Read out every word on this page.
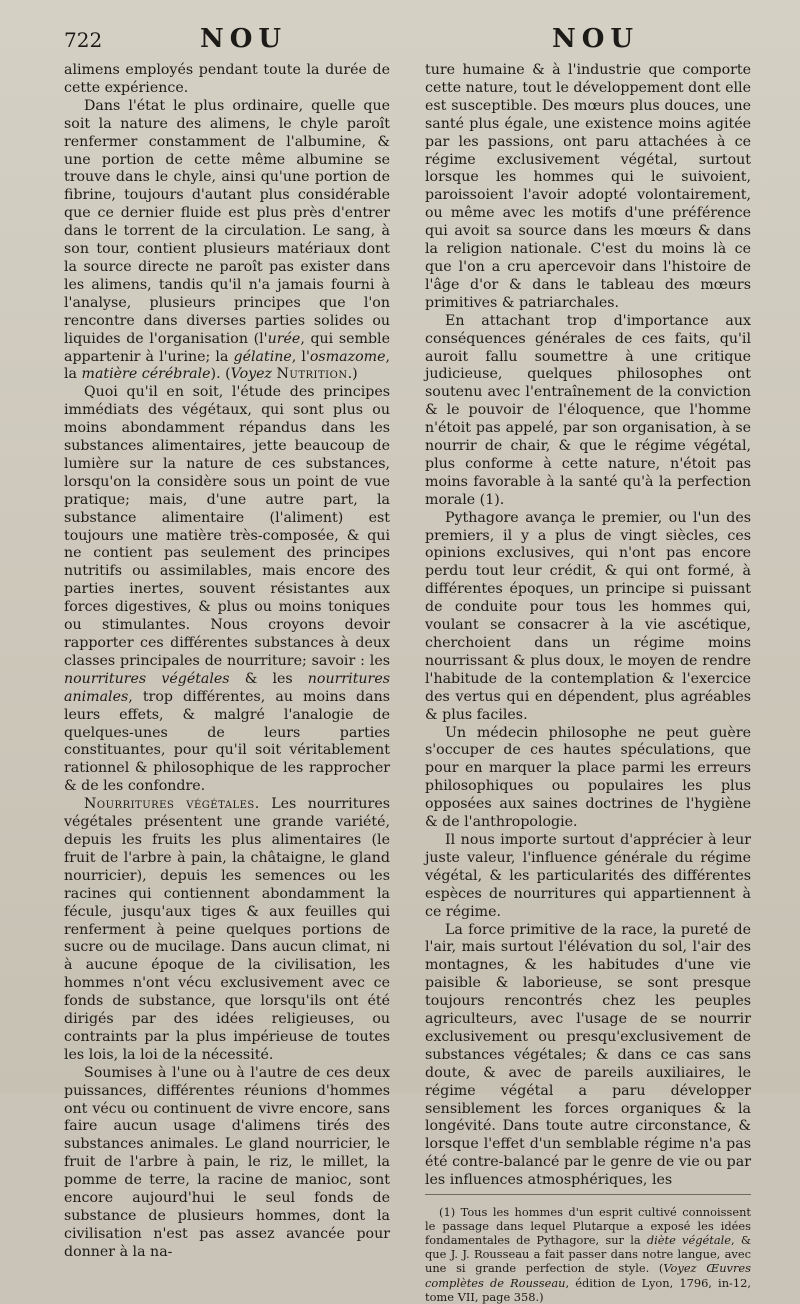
722	NOU	NOU

alimens employés pendant toute la durée de cette expérience.

Dans l'état le plus ordinaire, quelle que soit la nature des alimens, le chyle paroît renfermer constamment de l'albumine, & une portion de cette même albumine se trouve dans le chyle, ainsi qu'une portion de fibrine, toujours d'autant plus considérable que ce dernier fluide est plus près d'entrer dans le torrent de la circulation. Le sang, à son tour, contient plusieurs matériaux dont la source directe ne paroît pas exister dans les alimens, tandis qu'il n'a jamais fourni à l'analyse, plusieurs principes que l'on rencontre dans diverses parties solides ou liquides de l'organisation (l'urée, qui semble appartenir à l'urine; la gélatine, l'osmazome, la matière cérébrale). (Voyez Nutrition.)

Quoi qu'il en soit, l'étude des principes immédiats des végétaux, qui sont plus ou moins abondamment répandus dans les substances alimentaires, jette beaucoup de lumière sur la nature de ces substances, lorsqu'on la considère sous un point de vue pratique; mais, d'une autre part, la substance alimentaire (l'aliment) est toujours une matière très-composée, & qui ne contient pas seulement des principes nutritifs ou assimilables, mais encore des parties inertes, souvent résistantes aux forces digestives, & plus ou moins toniques ou stimulantes. Nous croyons devoir rapporter ces différentes substances à deux classes principales de nourriture; savoir : les nourritures végétales & les nourritures animales, trop différentes, au moins dans leurs effets, & malgré l'analogie de quelques-unes de leurs parties constituantes, pour qu'il soit véritablement rationnel & philosophique de les rapprocher & de les confondre.

Nourritures végétales. Les nourritures végétales présentent une grande variété, depuis les fruits les plus alimentaires (le fruit de l'arbre à pain, la châtaigne, le gland nourricier), depuis les semences ou les racines qui contiennent abondamment la fécule, jusqu'aux tiges & aux feuilles qui renferment à peine quelques portions de sucre ou de mucilage. Dans aucun climat, ni à aucune époque de la civilisation, les hommes n'ont vécu exclusivement avec ce fonds de substance, que lorsqu'ils ont été dirigés par des idées religieuses, ou contraints par la plus impérieuse de toutes les lois, la loi de la nécessité.

Soumises à l'une ou à l'autre de ces deux puissances, différentes réunions d'hommes ont vécu ou continuent de vivre encore, sans faire aucun usage d'alimens tirés des substances animales. Le gland nourricier, le fruit de l'arbre à pain, le riz, le millet, la pomme de terre, la racine de manioc, sont encore aujourd'hui le seul fonds de substance de plusieurs hommes, dont la civilisation n'est pas assez avancée pour donner à la na-

ture humaine & à l'industrie que comporte cette nature, tout le développement dont elle est susceptible. Des mœurs plus douces, une santé plus égale, une existence moins agitée par les passions, ont paru attachées à ce régime exclusivement végétal, surtout lorsque les hommes qui le suivoient, paroissoient l'avoir adopté volontairement, ou même avec les motifs d'une préférence qui avoit sa source dans les mœurs & dans la religion nationale. C'est du moins là ce que l'on a cru apercevoir dans l'histoire de l'âge d'or & dans le tableau des mœurs primitives & patriarchales.

En attachant trop d'importance aux conséquences générales de ces faits, qu'il auroit fallu soumettre à une critique judicieuse, quelques philosophes ont soutenu avec l'entraînement de la conviction & le pouvoir de l'éloquence, que l'homme n'étoit pas appelé, par son organisation, à se nourrir de chair, & que le régime végétal, plus conforme à cette nature, n'étoit pas moins favorable à la santé qu'à la perfection morale (1).

Pythagore avança le premier, ou l'un des premiers, il y a plus de vingt siècles, ces opinions exclusives, qui n'ont pas encore perdu tout leur crédit, & qui ont formé, à différentes époques, un principe si puissant de conduite pour tous les hommes qui, voulant se consacrer à la vie ascétique, cherchoient dans un régime moins nourrissant & plus doux, le moyen de rendre l'habitude de la contemplation & l'exercice des vertus qui en dépendent, plus agréables & plus faciles.

Un médecin philosophe ne peut guère s'occuper de ces hautes spéculations, que pour en marquer la place parmi les erreurs philosophiques ou populaires les plus opposées aux saines doctrines de l'hygiène & de l'anthropologie.

Il nous importe surtout d'apprécier à leur juste valeur, l'influence générale du régime végétal, & les particularités des différentes espèces de nourritures qui appartiennent à ce régime.

La force primitive de la race, la pureté de l'air, mais surtout l'élévation du sol, l'air des montagnes, & les habitudes d'une vie paisible & laborieuse, se sont presque toujours rencontrés chez les peuples agriculteurs, avec l'usage de se nourrir exclusivement ou presqu'exclusivement de substances végétales; & dans ce cas sans doute, & avec de pareils auxiliaires, le régime végétal a paru développer sensiblement les forces organiques & la longévité. Dans toute autre circonstance, & lorsque l'effet d'un semblable régime n'a pas été contre-balancé par le genre de vie ou par les influences atmosphériques, les

(1) Tous les hommes d'un esprit cultivé connoissent le passage dans lequel Plutarque a exposé les idées fondamentales de Pythagore, sur la diète végétale, & que J. J. Rousseau a fait passer dans notre langue, avec une si grande perfection de style. (Voyez Œuvres complètes de Rousseau, édition de Lyon, 1796, in-12, tome VII, page 358.)
